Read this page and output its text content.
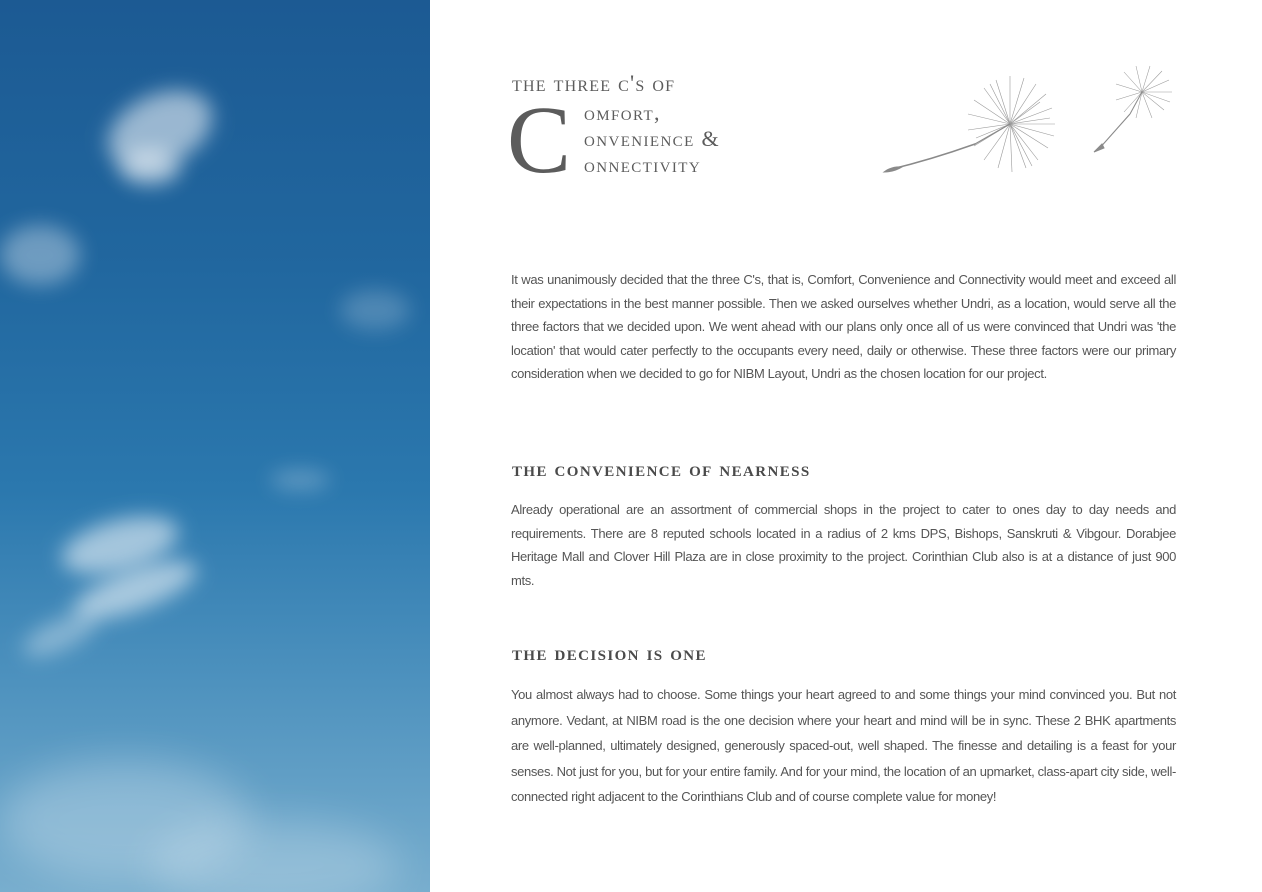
the three c's of
C omfort,
onvenience &
onnectivity

It was unanimously decided that the three C's, that is, Comfort, Convenience and Connectivity would meet and exceed all their expectations in the best manner possible. Then we asked ourselves whether Undri, as a location, would serve all the three factors that we decided upon. We went ahead with our plans only once all of us were convinced that Undri was 'the location' that would cater perfectly to the occupants every need, daily or otherwise. These three factors were our primary consideration when we decided to go for NIBM Layout, Undri as the chosen location for our project.

the convenience of nearness

Already operational are an assortment of commercial shops in the project to cater to ones day to day needs and requirements. There are 8 reputed schools located in a radius of 2 kms DPS, Bishops, Sanskruti & Vibgour. Dorabjee Heritage Mall and Clover Hill Plaza are in close proximity to the project. Corinthian Club also is at a distance of just 900 mts.

the decision is one

You almost always had to choose. Some things your heart agreed to and some things your mind convinced you. But not anymore. Vedant, at NIBM road is the one decision where your heart and mind will be in sync. These 2 BHK apartments are well-planned, ultimately designed, generously spaced-out, well shaped. The finesse and detailing is a feast for your senses. Not just for you, but for your entire family. And for your mind, the location of an upmarket, class-apart city side, well-connected right adjacent to the Corinthians Club and of course complete value for money!
